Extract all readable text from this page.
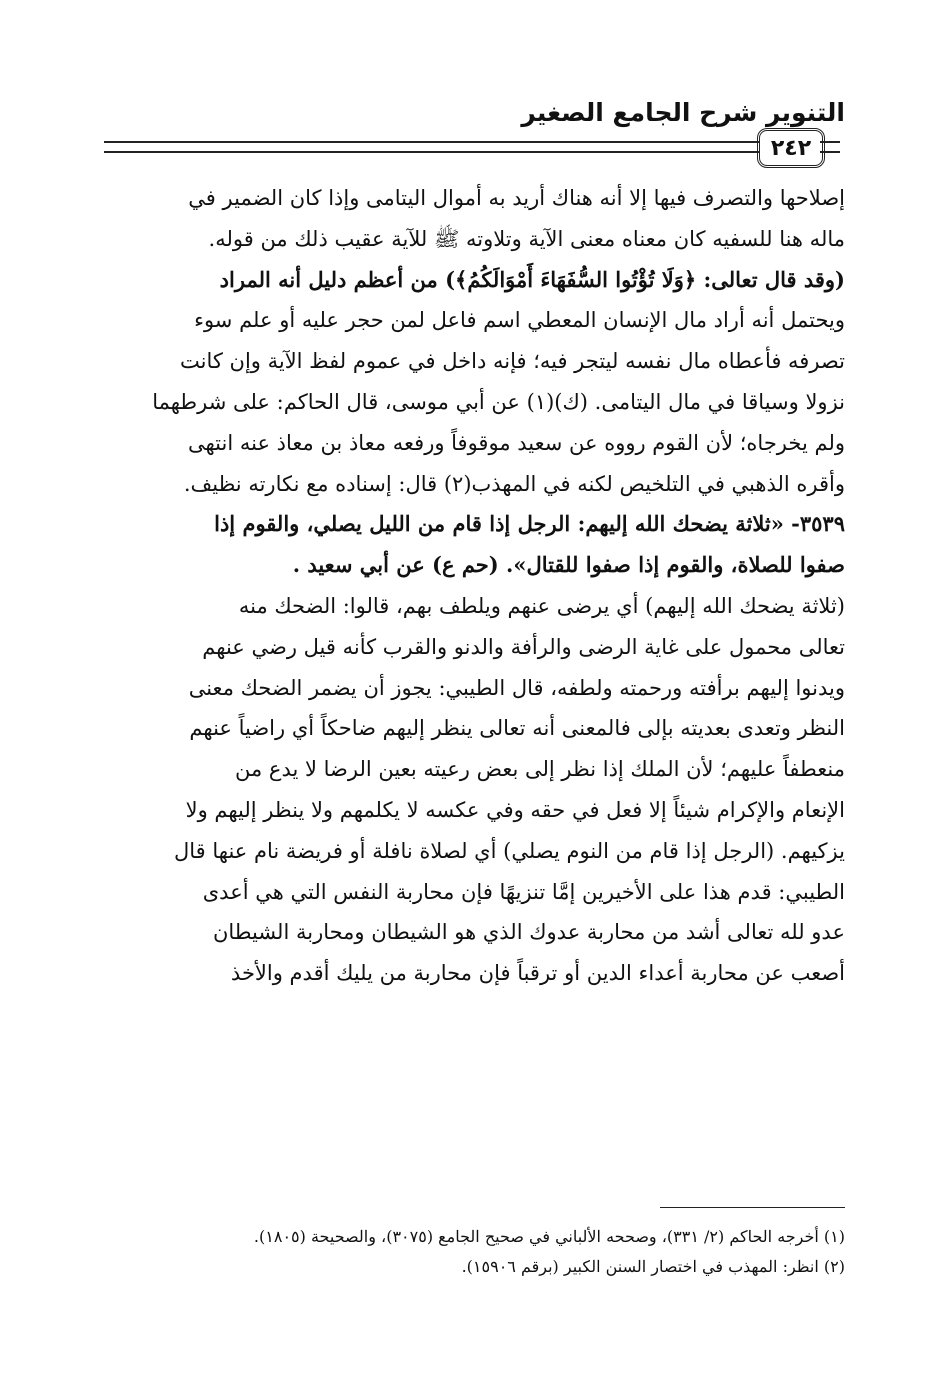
التنوير شرح الجامع الصغير
٢٤٢
إصلاحها والتصرف فيها إلا أنه هناك أريد به أموال اليتامى وإذا كان الضمير في
ماله هنا للسفيه كان معناه معنى الآية وتلاوته ﷺ للآية عقيب ذلك من قوله.
(وقد قال تعالى: ﴿وَلَا تُؤْتُوا السُّفَهَاءَ أَمْوَالَكُمُ﴾) من أعظم دليل أنه المراد
ويحتمل أنه أراد مال الإنسان المعطي اسم فاعل لمن حجر عليه أو علم سوء
تصرفه فأعطاه مال نفسه ليتجر فيه؛ فإنه داخل في عموم لفظ الآية وإن كانت
نزولا وسياقا في مال اليتامى. (ك)(١) عن أبي موسى، قال الحاكم: على شرطهما
ولم يخرجاه؛ لأن القوم رووه عن سعيد موقوفاً ورفعه معاذ بن معاذ عنه انتهى
وأقره الذهبي في التلخيص لكنه في المهذب(٢) قال: إسناده مع نكارته نظيف.
٣٥٣٩- «ثلاثة يضحك الله إليهم: الرجل إذا قام من الليل يصلي، والقوم إذا
صفوا للصلاة، والقوم إذا صفوا للقتال». (حم ع) عن أبي سعيد .
(ثلاثة يضحك الله إليهم) أي يرضى عنهم ويلطف بهم، قالوا: الضحك منه
تعالى محمول على غاية الرضى والرأفة والدنو والقرب كأنه قيل رضي عنهم
ويدنوا إليهم برأفته ورحمته ولطفه، قال الطيبي: يجوز أن يضمر الضحك معنى
النظر وتعدى بعديته بإلى فالمعنى أنه تعالى ينظر إليهم ضاحكاً أي راضياً عنهم
منعطفاً عليهم؛ لأن الملك إذا نظر إلى بعض رعيته بعين الرضا لا يدع من
الإنعام والإكرام شيئاً إلا فعل في حقه وفي عكسه لا يكلمهم ولا ينظر إليهم ولا
يزكيهم. (الرجل إذا قام من النوم يصلي) أي لصلاة نافلة أو فريضة نام عنها قال
الطيبي: قدم هذا على الأخيرين إمَّا تنزيهًا فإن محاربة النفس التي هي أعدى
عدو لله تعالى أشد من محاربة عدوك الذي هو الشيطان ومحاربة الشيطان
أصعب عن محاربة أعداء الدين أو ترقباً فإن محاربة من يليك أقدم والأخذ
(١) أخرجه الحاكم (٢/ ٣٣١)، وصححه الألباني في صحيح الجامع (٣٠٧٥)، والصحيحة (١٨٠٥).
(٢) انظر: المهذب في اختصار السنن الكبير (برقم ١٥٩٠٦).
